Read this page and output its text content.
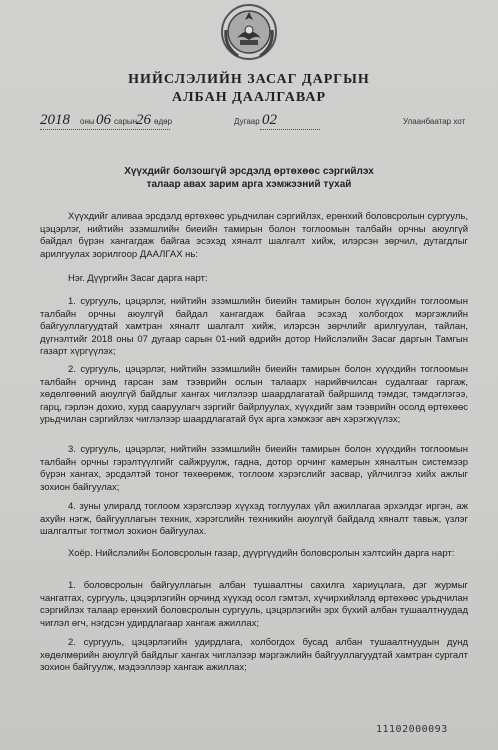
НИЙСЛЭЛИЙН ЗАСАГ ДАРГЫН
АЛБАН ДААЛГАВАР
2018 оны 06 сарын
26 өдөр	Дугаар 02	Улаанбаатар хот
Хүүхдийг болзошгүй эрсдэлд өртөхөөс сэргийлэх
талаар авах зарим арга хэмжээний тухай
Хүүхдийг аливаа эрсдэлд өртөхөөс урьдчилан сэргийлэх, ерөнхий боловсролын сургууль, цэцэрлэг, нийтийн эзэмшлийн биеийн тамирын болон тоглоомын талбайн орчны аюулгүй байдал бүрэн хангагдаж байгаа эсэхэд хяналт шалгалт хийж, илэрсэн зөрчил, дутагдлыг арилгуулах зорилгоор ДААЛГАХ нь:
Нэг. Дүүргийн Засаг дарга нарт:
1. сургууль, цэцэрлэг, нийтийн эзэмшлийн биеийн тамирын болон хүүхдийн тоглоомын талбайн орчны аюулгүй байдал хангагдаж байгаа эсэхэд холбогдох мэргэжлийн байгууллагуудтай хамтран хяналт шалгалт хийж, илэрсэн зөрчлийг арилгуулан, тайлан, дүгнэлтийг 2018 оны 07 дугаар сарын 01-ний өдрийн дотор Нийслэлийн Засаг даргын Тамгын газарт хүргүүлэх;
2. сургууль, цэцэрлэг, нийтийн эзэмшлийн биеийн тамирын болон хүүхдийн тоглоомын талбайн орчинд гарсан зам тээврийн ослын талаарх нарийвчилсан судалгааг гаргаж, хөдөлгөөний аюулгүй байдлыг хангах чиглэлээр шаардлагатай байршилд тэмдэг, тэмдэглэгээ, гарц, гэрлэн дохио, хурд сааруулагч зэргийг байрлуулах, хүүхдийг зам тээврийн осолд өртөхөөс урьдчилан сэргийлэх чиглэлээр шаардлагатай бүх арга хэмжээг авч хэрэгжүүлэх;
3. сургууль, цэцэрлэг, нийтийн эзэмшлийн биеийн тамирын болон хүүхдийн тоглоомын талбайн орчны гэрэлтүүлгийг сайжруулж, гадна, дотор орчинг камерын хяналтын системээр бүрэн хангах, эрсдэлтэй тоног төхөөрөмж, тоглоом хэрэгслийг засвар, үйлчилгээ хийх ажлыг зохион байгуулах;
4. зуны улиралд тоглоом хэрэгслээр хүүхэд тоглуулах үйл ажиллагаа эрхэлдэг иргэн, аж ахуйн нэгж, байгууллагын техник, хэрэгслийн техникийн аюулгүй байдалд хяналт тавьж, үзлэг шалгалтыг тогтмол зохион байгуулах.
Хоёр. Нийслэлийн Боловсролын газар, дүүргүүдийн боловсролын хэлтсийн дарга нарт:
1. боловсролын байгууллагын албан тушаалтны сахилга хариуцлага, дэг журмыг чангатгах, сургууль, цэцэрлэгийн орчинд хүүхэд осол гэмтэл, хүчирхийлэлд өртөхөөс урьдчилан сэргийлэх талаар ерөнхий боловсролын сургууль, цэцэрлэгийн эрх бүхий албан тушаалтнуудад чиглэл өгч, нэгдсэн удирдлагаар хангаж ажиллах;
2. сургууль, цэцэрлэгийн удирдлага, холбогдох бусад албан тушаалтнуудын дунд хөдөлмөрийн аюулгүй байдлыг хангах чиглэлээр мэргэжлийн байгууллагуудтай хамтран сургалт зохион байгуулж, мэдээллээр хангаж ажиллах;
11102000093
